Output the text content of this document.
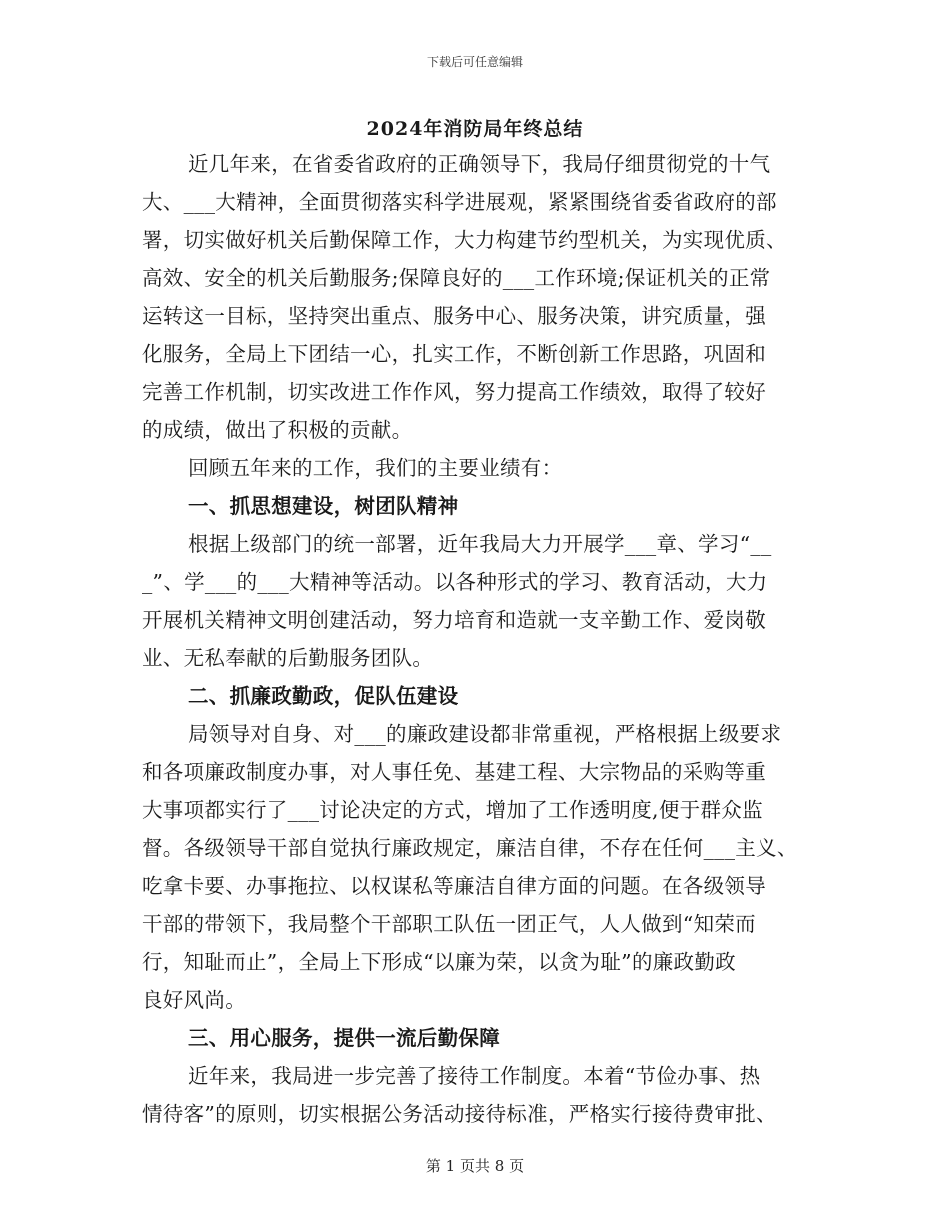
下载后可任意编辑
2024年消防局年终总结
近几年来，在省委省政府的正确领导下，我局仔细贯彻党的十气
大、___大精神，全面贯彻落实科学进展观，紧紧围绕省委省政府的部
署，切实做好机关后勤保障工作，大力构建节约型机关，为实现优质、
高效、安全的机关后勤服务;保障良好的___工作环境;保证机关的正常
运转这一目标，坚持突出重点、服务中心、服务决策，讲究质量，强
化服务，全局上下团结一心，扎实工作，不断创新工作思路，巩固和
完善工作机制，切实改进工作作风，努力提高工作绩效，取得了较好
的成绩，做出了积极的贡献。
回顾五年来的工作，我们的主要业绩有：
一、抓思想建设，树团队精神
根据上级部门的统一部署，近年我局大力开展学___章、学习“__
_”、学___的___大精神等活动。以各种形式的学习、教育活动，大力
开展机关精神文明创建活动，努力培育和造就一支辛勤工作、爱岗敬
业、无私奉献的后勤服务团队。
二、抓廉政勤政，促队伍建设
局领导对自身、对___的廉政建设都非常重视，严格根据上级要求
和各项廉政制度办事，对人事任免、基建工程、大宗物品的采购等重
大事项都实行了___讨论决定的方式，增加了工作透明度,便于群众监
督。各级领导干部自觉执行廉政规定，廉洁自律，不存在任何___主义、
吃拿卡要、办事拖拉、以权谋私等廉洁自律方面的问题。在各级领导
干部的带领下，我局整个干部职工队伍一团正气，人人做到“知荣而
行，知耻而止”，全局上下形成“以廉为荣，以贪为耻”的廉政勤政
良好风尚。
三、用心服务，提供一流后勤保障
近年来，我局进一步完善了接待工作制度。本着“节俭办事、热
情待客”的原则，切实根据公务活动接待标准，严格实行接待费审批、
第 1 页共 8 页
